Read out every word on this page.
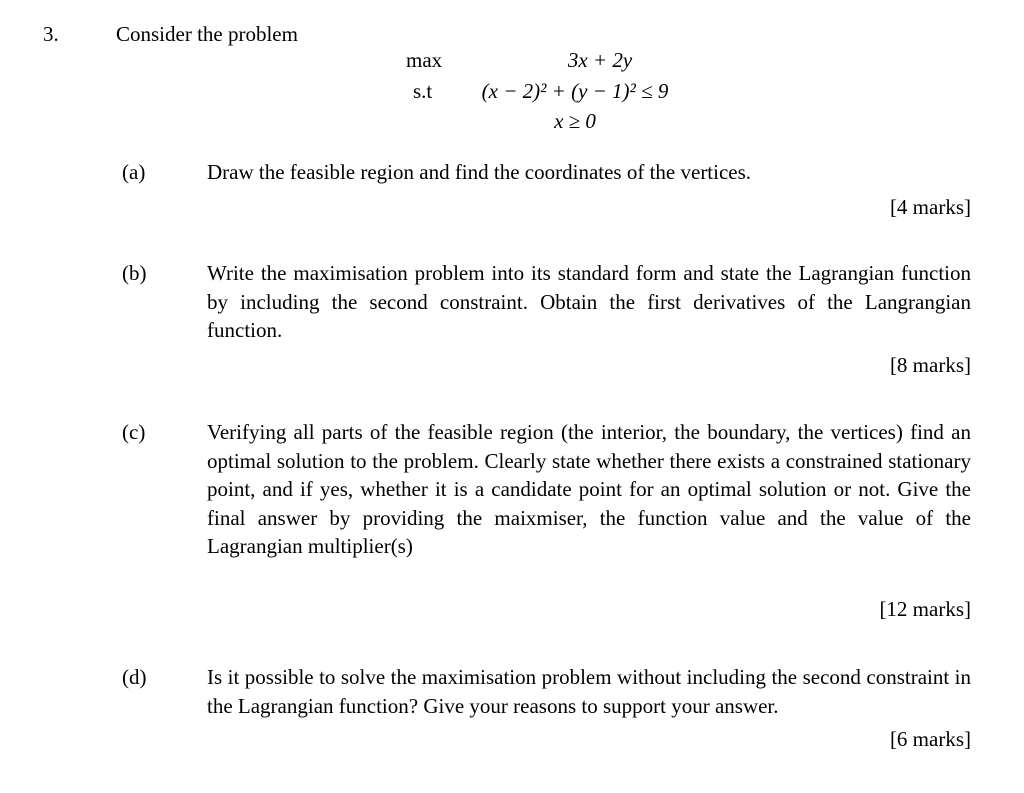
3.	Consider the problem
max	3x + 2y
s.t	(x − 2)² + (y − 1)² ≤ 9
x ≥ 0
(a)	Draw the feasible region and find the coordinates of the vertices.
[4 marks]
(b)	Write the maximisation problem into its standard form and state the Lagrangian function by including the second constraint. Obtain the first derivatives of the Langrangian function.
[8 marks]
(c)	Verifying all parts of the feasible region (the interior, the boundary, the vertices) find an optimal solution to the problem. Clearly state whether there exists a constrained stationary point, and if yes, whether it is a candidate point for an optimal solution or not. Give the final answer by providing the maixmiser, the function value and the value of the Lagrangian multiplier(s)
[12 marks]
(d)	Is it possible to solve the maximisation problem without including the second constraint in the Lagrangian function? Give your reasons to support your answer.
[6 marks]
